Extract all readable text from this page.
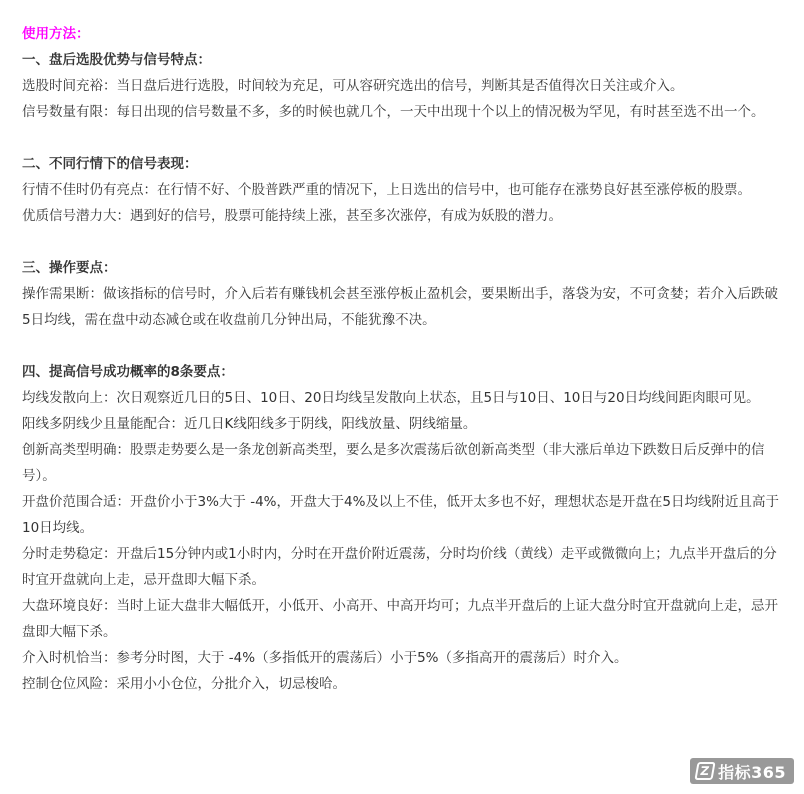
使用方法：
一、盘后选股优势与信号特点：
选股时间充裕：当日盘后进行选股，时间较为充足，可从容研究选出的信号，判断其是否值得次日关注或介入。
信号数量有限：每日出现的信号数量不多，多的时候也就几个，一天中出现十个以上的情况极为罕见，有时甚至选不出一个。
二、不同行情下的信号表现：
行情不佳时仍有亮点：在行情不好、个股普跌严重的情况下，上日选出的信号中，也可能存在涨势良好甚至涨停板的股票。
优质信号潜力大：遇到好的信号，股票可能持续上涨，甚至多次涨停，有成为妖股的潜力。
三、操作要点：
操作需果断：做该指标的信号时，介入后若有赚钱机会甚至涨停板止盈机会，要果断出手，落袋为安，不可贪婪；若介入后跌破5日均线，需在盘中动态减仓或在收盘前几分钟出局，不能犹豫不决。
四、提高信号成功概率的8条要点：
均线发散向上：次日观察近几日的5日、10日、20日均线呈发散向上状态，且5日与10日、10日与20日均线间距肉眼可见。
阳线多阴线少且量能配合：近几日K线阳线多于阴线，阳线放量、阴线缩量。
创新高类型明确：股票走势要么是一条龙创新高类型，要么是多次震荡后欲创新高类型（非大涨后单边下跌数日后反弹中的信号）。
开盘价范围合适：开盘价小于3%大于 -4%，开盘大于4%及以上不佳，低开太多也不好，理想状态是开盘在5日均线附近且高于10日均线。
分时走势稳定：开盘后15分钟内或1小时内，分时在开盘价附近震荡，分时均价线（黄线）走平或微微向上；九点半开盘后的分时宜开盘就向上走，忌开盘即大幅下杀。
大盘环境良好：当时上证大盘非大幅低开，小低开、小高开、中高开均可；九点半开盘后的上证大盘分时宜开盘就向上走，忌开盘即大幅下杀。
介入时机恰当：参考分时图，大于 -4%（多指低开的震荡后）小于5%（多指高开的震荡后）时介入。
控制仓位风险：采用小小仓位，分批介入，切忌梭哈。
Z 指标365
